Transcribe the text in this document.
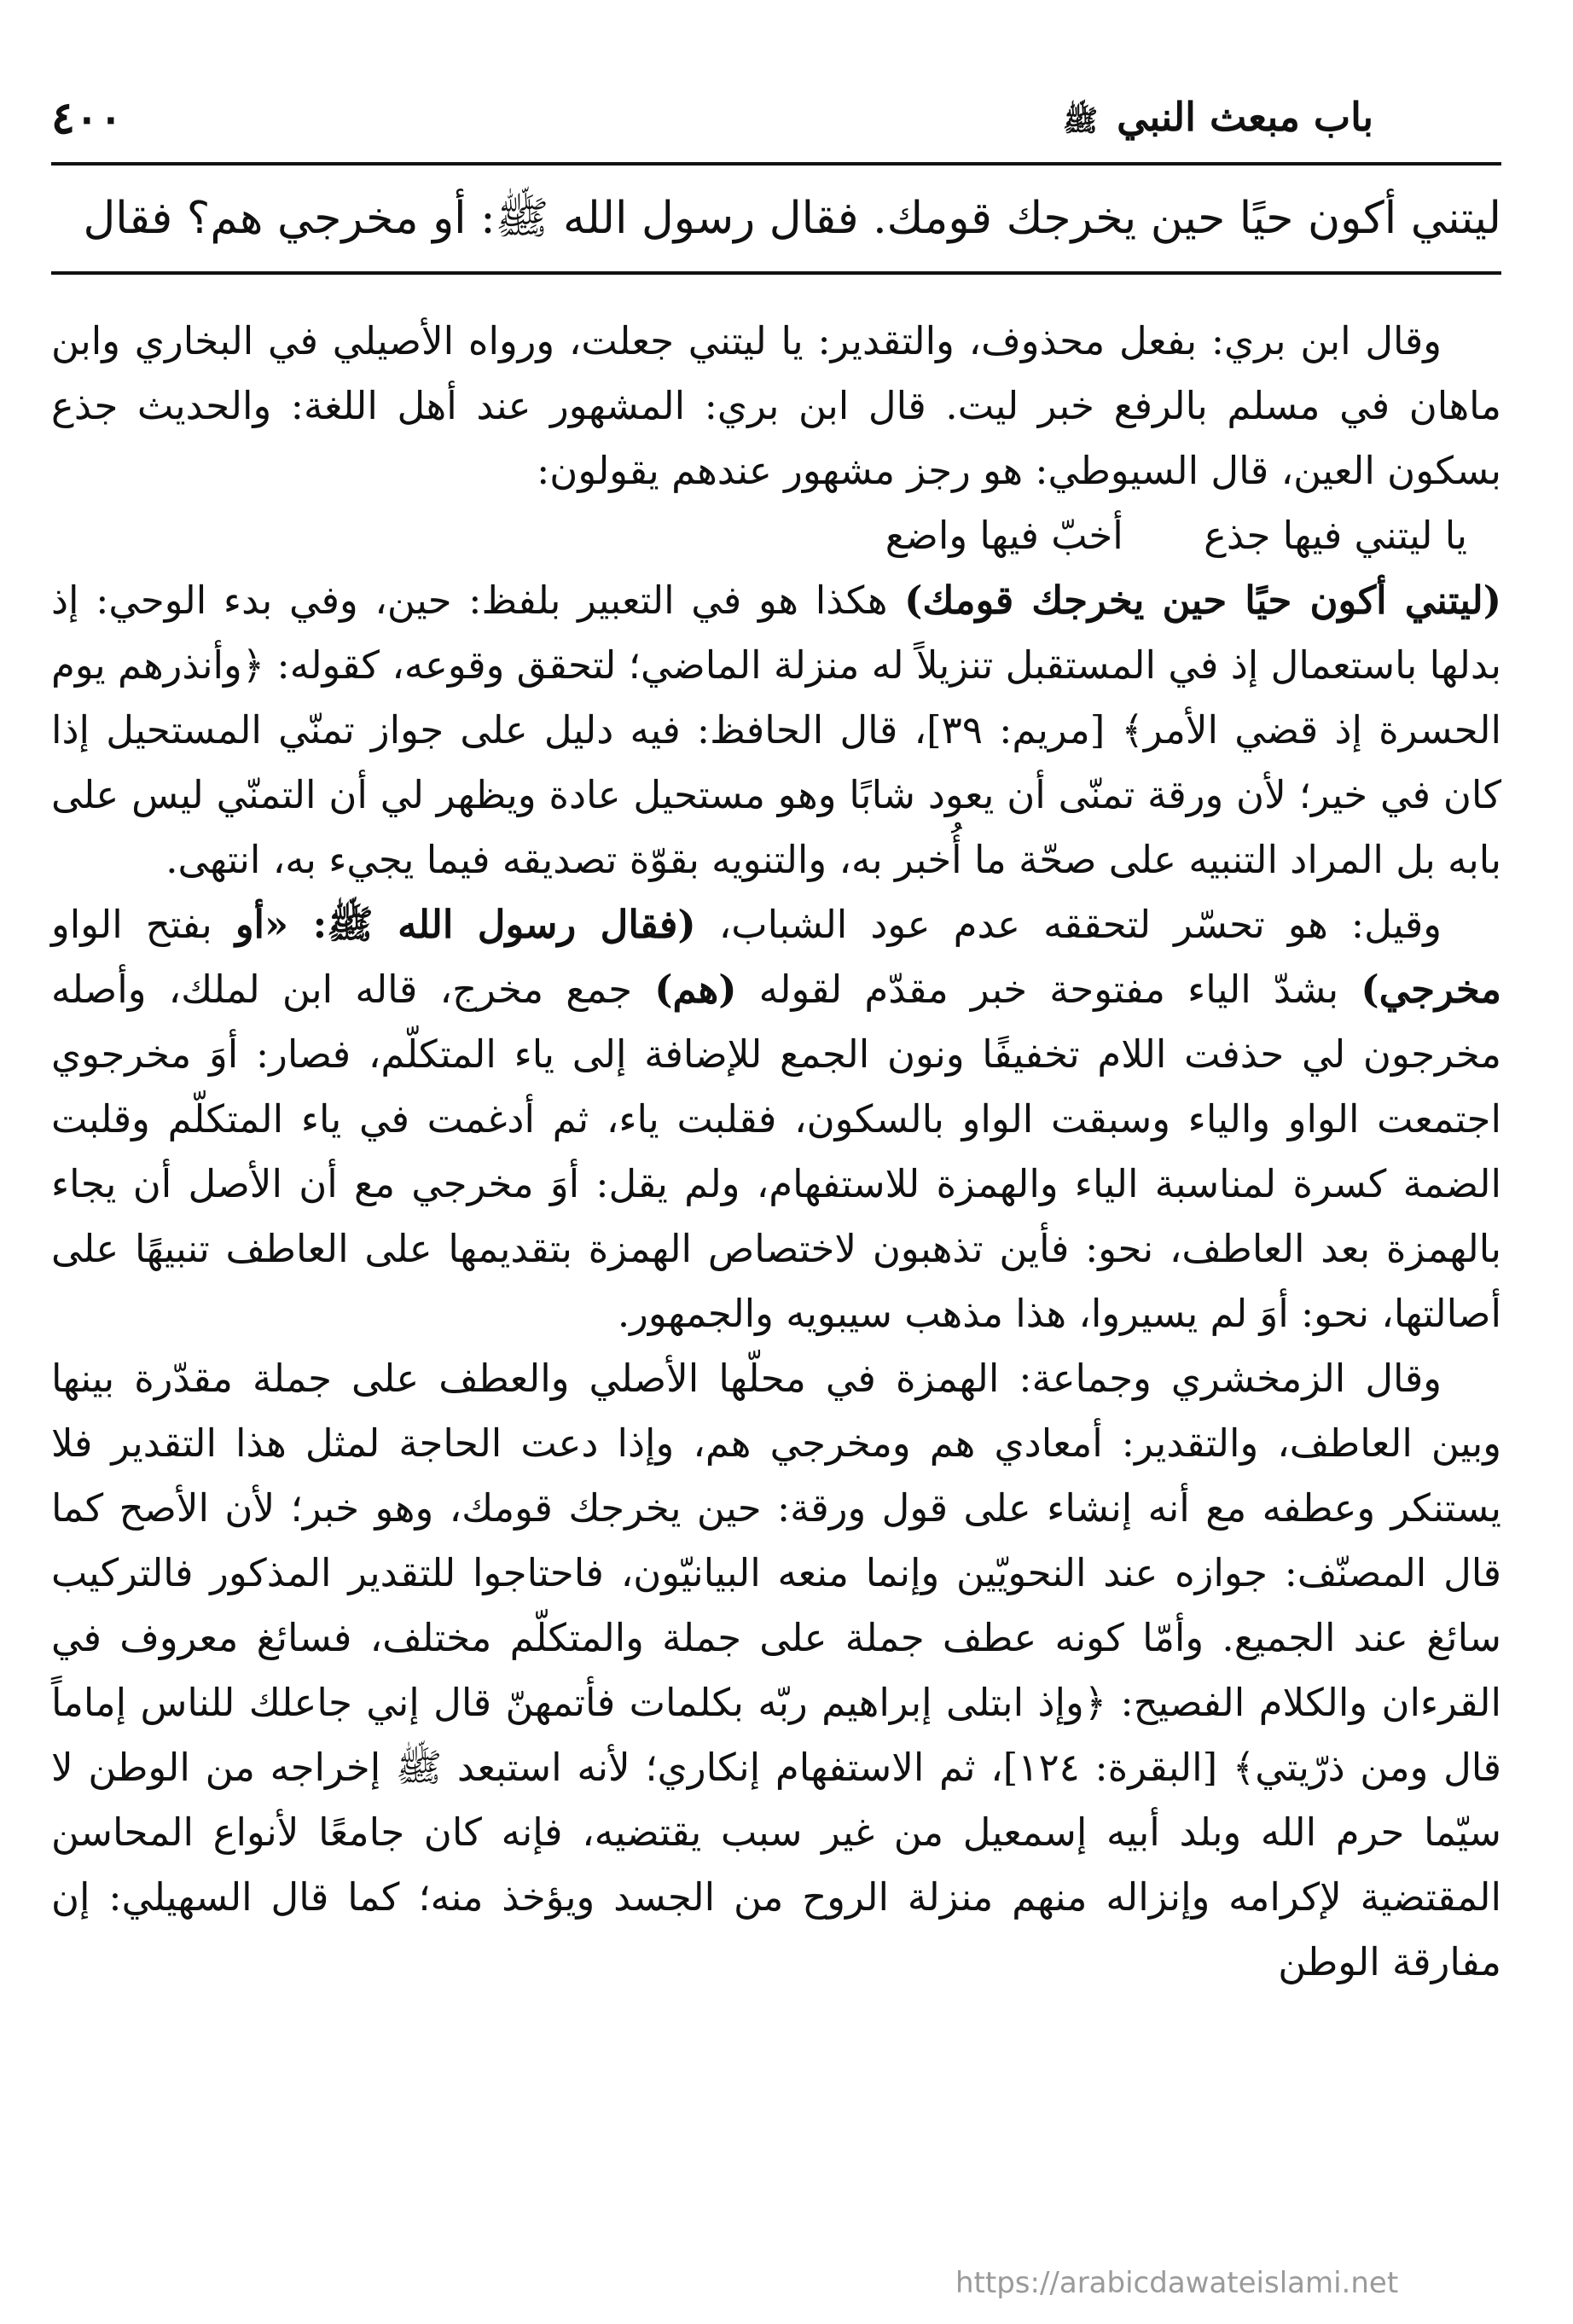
باب مبعث النبي ﷺ
٤٠٠
ليتني أكون حيًا حين يخرجك قومك. فقال رسول الله ﷺ: أو مخرجي هم؟ فقال

وقال ابن بري: بفعل محذوف، والتقدير: يا ليتني جعلت، ورواه الأصيلي في البخاري وابن ماهان في مسلم بالرفع خبر ليت. قال ابن بري: المشهور عند أهل اللغة: والحديث جذع بسكون العين، قال السيوطي: هو رجز مشهور عندهم يقولون:

يا ليتني فيها جذع أخبّ فيها واضع

(ليتني أكون حيًا حين يخرجك قومك) هكذا هو في التعبير بلفظ: حين، وفي بدء الوحي: إذ بدلها باستعمال إذ في المستقبل تنزيلاً له منزلة الماضي؛ لتحقق وقوعه، كقوله: ﴿وأنذرهم يوم الحسرة إذ قضي الأمر﴾ [مريم: ٣٩]، قال الحافظ: فيه دليل على جواز تمنّي المستحيل إذا كان في خير؛ لأن ورقة تمنّى أن يعود شابًا وهو مستحيل عادة ويظهر لي أن التمنّي ليس على بابه بل المراد التنبيه على صحّة ما أُخبر به، والتنويه بقوّة تصديقه فيما يجيء به، انتهى.

وقيل: هو تحسّر لتحققه عدم عود الشباب، (فقال رسول الله ﷺ: «أو بفتح الواو مخرجي) بشدّ الياء مفتوحة خبر مقدّم لقوله (هم) جمع مخرج، قاله ابن لملك، وأصله مخرجون لي حذفت اللام تخفيفًا ونون الجمع للإضافة إلى ياء المتكلّم، فصار: أوَ مخرجوي اجتمعت الواو والياء وسبقت الواو بالسكون، فقلبت ياء، ثم أدغمت في ياء المتكلّم وقلبت الضمة كسرة لمناسبة الياء والهمزة للاستفهام، ولم يقل: أوَ مخرجي مع أن الأصل أن يجاء بالهمزة بعد العاطف، نحو: فأين تذهبون لاختصاص الهمزة بتقديمها على العاطف تنبيهًا على أصالتها، نحو: أوَ لم يسيروا، هذا مذهب سيبويه والجمهور.

وقال الزمخشري وجماعة: الهمزة في محلّها الأصلي والعطف على جملة مقدّرة بينها وبين العاطف، والتقدير: أمعادي هم ومخرجي هم، وإذا دعت الحاجة لمثل هذا التقدير فلا يستنكر وعطفه مع أنه إنشاء على قول ورقة: حين يخرجك قومك، وهو خبر؛ لأن الأصح كما قال المصنّف: جوازه عند النحويّين وإنما منعه البيانيّون، فاحتاجوا للتقدير المذكور فالتركيب سائغ عند الجميع. وأمّا كونه عطف جملة على جملة والمتكلّم مختلف، فسائغ معروف في القرءان والكلام الفصيح: ﴿وإذ ابتلى إبراهيم ربّه بكلمات فأتمهنّ قال إني جاعلك للناس إماماً قال ومن ذرّيتي﴾ [البقرة: ١٢٤]، ثم الاستفهام إنكاري؛ لأنه استبعد ﷺ إخراجه من الوطن لا سيّما حرم الله وبلد أبيه إسمعيل من غير سبب يقتضيه، فإنه كان جامعًا لأنواع المحاسن المقتضية لإكرامه وإنزاله منهم منزلة الروح من الجسد ويؤخذ منه؛ كما قال السهيلي: إن مفارقة الوطن

https://arabicdawateislami.net
